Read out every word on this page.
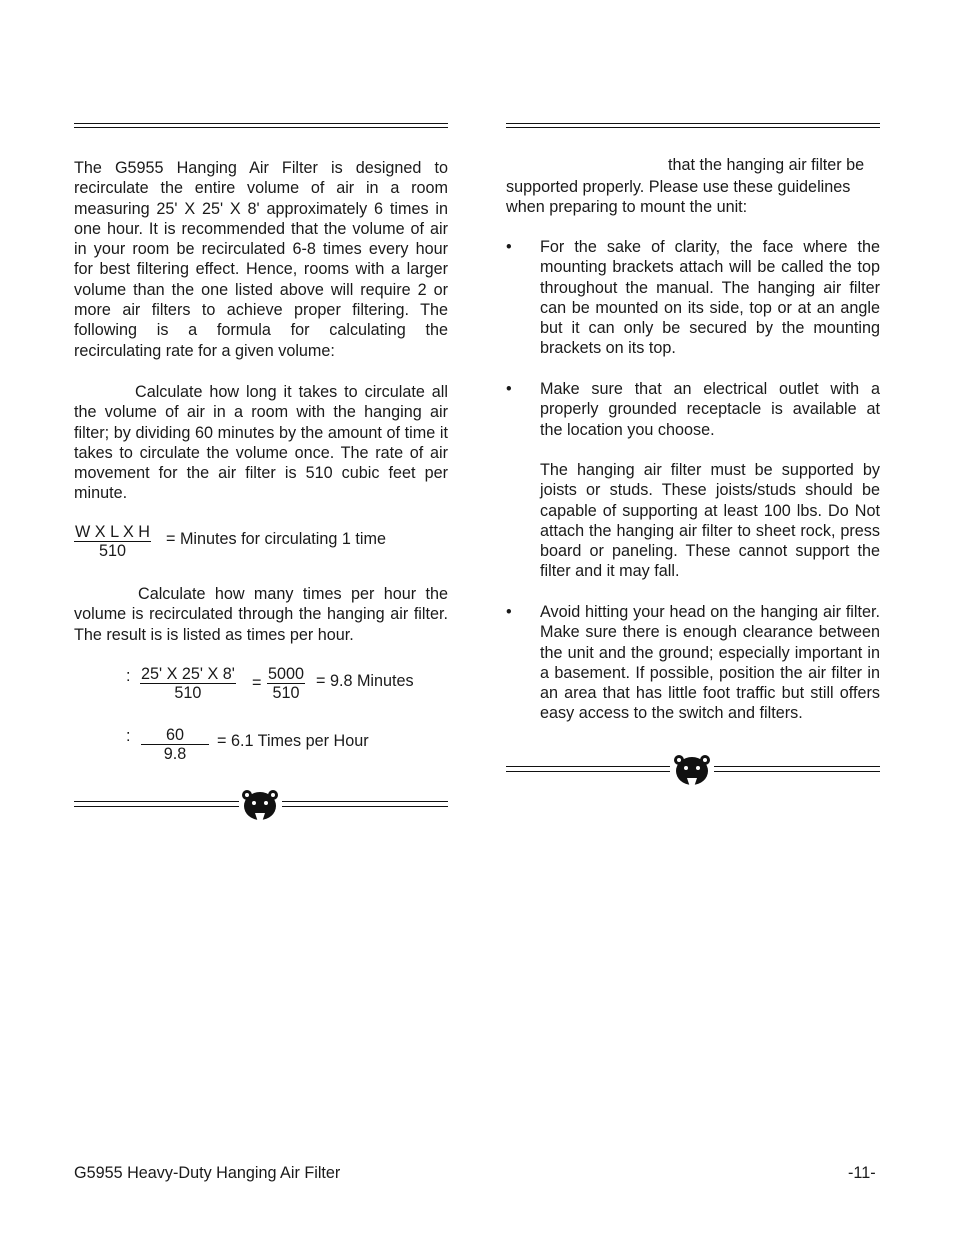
The G5955 Hanging Air Filter is designed to recirculate the entire volume of air in a room measuring 25' X 25' X 8' approximately 6 times in one hour. It is recommended that the volume of air in your room be recirculated 6-8 times every hour for best filtering effect. Hence, rooms with a larger volume than the one listed above will require 2 or more air filters to achieve proper filtering. The following is a formula for calculating the recirculating rate for a given volume:

Calculate how long it takes to circulate all the volume of air in a room with the hanging air filter; by dividing 60 minutes by the amount of time it takes to circulate the volume once. The rate of air movement for the air filter is 510 cubic feet per minute.

$\frac{\text{W X L X H}}{510}$ = Minutes for circulating 1 time

Calculate how many times per hour the volume is recirculated through the hanging air filter. The result is is listed as times per hour.

: $\frac{25' X 25' X 8'}{510} = \frac{5000}{510} = 9.8$ Minutes
: $\frac{60}{9.8} = 6.1$ Times per Hour

that the hanging air filter be

supported properly. Please use these guidelines when preparing to mount the unit:

• For the sake of clarity, the face where the mounting brackets attach will be called the top throughout the manual. The hanging air filter can be mounted on its side, top or at an angle but it can only be secured by the mounting brackets on its top.

• Make sure that an electrical outlet with a properly grounded receptacle is available at the location you choose.

The hanging air filter must be supported by joists or studs. These joists/studs should be capable of supporting at least 100 lbs. Do Not attach the hanging air filter to sheet rock, press board or paneling. These cannot support the filter and it may fall.

• Avoid hitting your head on the hanging air filter. Make sure there is enough clearance between the unit and the ground; especially important in a basement. If possible, position the air filter in an area that has little foot traffic but still offers easy access to the switch and filters.

G5955 Heavy-Duty Hanging Air Filter	-11-
